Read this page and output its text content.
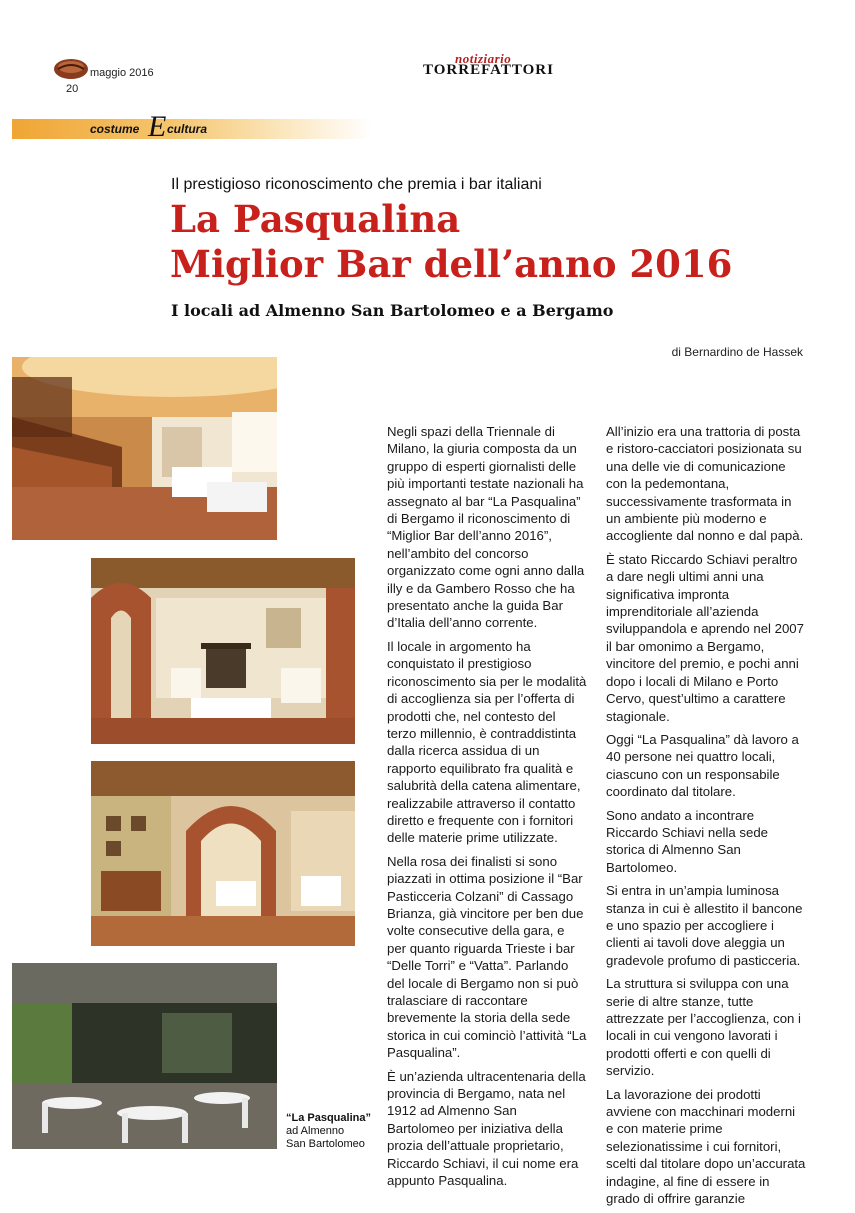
maggio 2016
20
notiziario
TORREFATTORI
costume E cultura
Il prestigioso riconoscimento che premia i bar italiani
La Pasqualina
Miglior Bar dell’anno 2016
I locali ad Almenno San Bartolomeo e a Bergamo
di Bernardino de Hassek
“La Pasqualina”
ad Almenno
San Bartolomeo

Negli spazi della Triennale di Milano, la giuria composta da un gruppo di esperti giornalisti delle più importanti testate nazionali ha assegnato al bar “La Pasqualina” di Bergamo il riconoscimento di “Miglior Bar dell’anno 2016”, nell’ambito del concorso organizzato come ogni anno dalla illy e da Gambero Rosso che ha presentato anche la guida Bar d’Italia dell’anno corrente.

Il locale in argomento ha conquistato il prestigioso riconoscimento sia per le modalità di accoglienza sia per l’offerta di prodotti che, nel contesto del terzo millennio, è contraddistinta dalla ricerca assidua di un rapporto equilibrato fra qualità e salubrità della catena alimentare, realizzabile attraverso il contatto diretto e frequente con i fornitori delle materie prime utilizzate.

Nella rosa dei finalisti si sono piazzati in ottima posizione il “Bar Pasticceria Colzani” di Cassago Brianza, già vincitore per ben due volte consecutive della gara, e per quanto riguarda Trieste i bar “Delle Torri” e “Vatta”. Parlando del locale di Bergamo non si può tralasciare di raccontare brevemente la storia della sede storica in cui cominciò l’attività “La Pasqualina”.

È un’azienda ultracentenaria della provincia di Bergamo, nata nel 1912 ad Almenno San Bartolomeo per iniziativa della prozia dell’attuale proprietario, Riccardo Schiavi, il cui nome era appunto Pasqualina.

All’inizio era una trattoria di posta e ristoro-cacciatori posizionata su una delle vie di comunicazione con la pedemontana, successivamente trasformata in un ambiente più moderno e accogliente dal nonno e dal papà.

È stato Riccardo Schiavi peraltro a dare negli ultimi anni una significativa impronta imprenditoriale all’azienda sviluppandola e aprendo nel 2007 il bar omonimo a Bergamo, vincitore del premio, e pochi anni dopo i locali di Milano e Porto Cervo, quest’ultimo a carattere stagionale.

Oggi “La Pasqualina” dà lavoro a 40 persone nei quattro locali, ciascuno con un responsabile coordinato dal titolare.

Sono andato a incontrare Riccardo Schiavi nella sede storica di Almenno San Bartolomeo.

Si entra in un’ampia luminosa stanza in cui è allestito il bancone e uno spazio per accogliere i clienti ai tavoli dove aleggia un gradevole profumo di pasticceria.

La struttura si sviluppa con una serie di altre stanze, tutte attrezzate per l’accoglienza, con i locali in cui vengono lavorati i prodotti offerti e con quelli di servizio.

La lavorazione dei prodotti avviene con macchinari moderni e con materie prime selezionatissime i cui fornitori, scelti dal titolare dopo un’accurata indagine, al fine di essere in grado di offrire garanzie
